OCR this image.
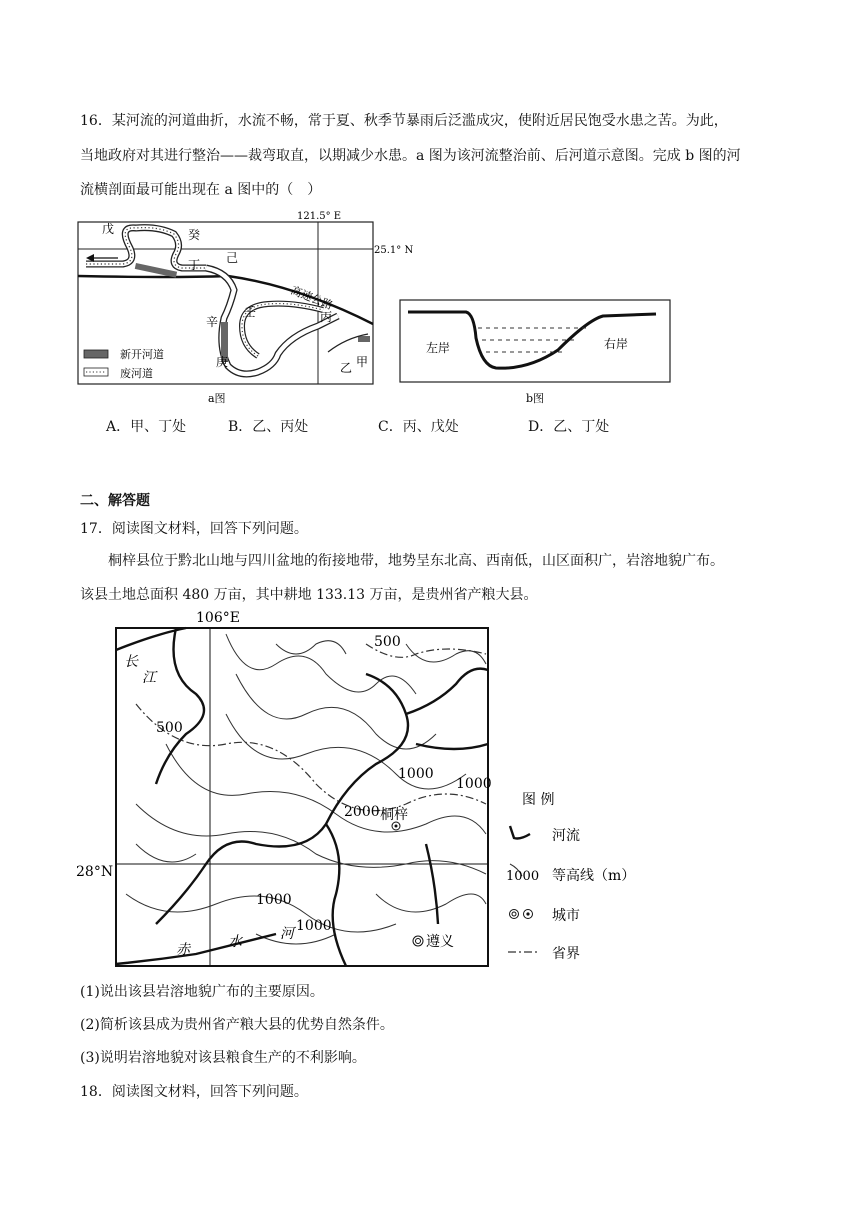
16．某河流的河道曲折，水流不畅，常于夏、秋季节暴雨后泛滥成灾，使附近居民饱受水患之苦。为此，
当地政府对其进行整治——裁弯取直，以期减少水患。a 图为该河流整治前、后河道示意图。完成 b 图的河
流横剖面最可能出现在 a 图中的（　）
121.5° E
25.1° N
高速公路
戊	癸
丁 己
壬
辛	丙
庚	乙 甲
新开河道
废河道
a图
左岸	右岸
b图
A．甲、丁处	B．乙、丙处	C．丙、戊处	D．乙、丁处
二、解答题
17．阅读图文材料，回答下列问题。
桐梓县位于黔北山地与四川盆地的衔接地带，地势呈东北高、西南低，山区面积广，岩溶地貌广布。
该县土地总面积 480 万亩，其中耕地 133.13 万亩，是贵州省产粮大县。
106°E
28°N
长
江
赤	水	河
500
500
1000
1000
2000
1000
1000
桐梓
遵义
图 例
河流
1000 等高线（m）
城市
省界
(1)说出该县岩溶地貌广布的主要原因。
(2)简析该县成为贵州省产粮大县的优势自然条件。
(3)说明岩溶地貌对该县粮食生产的不利影响。
18．阅读图文材料，回答下列问题。
